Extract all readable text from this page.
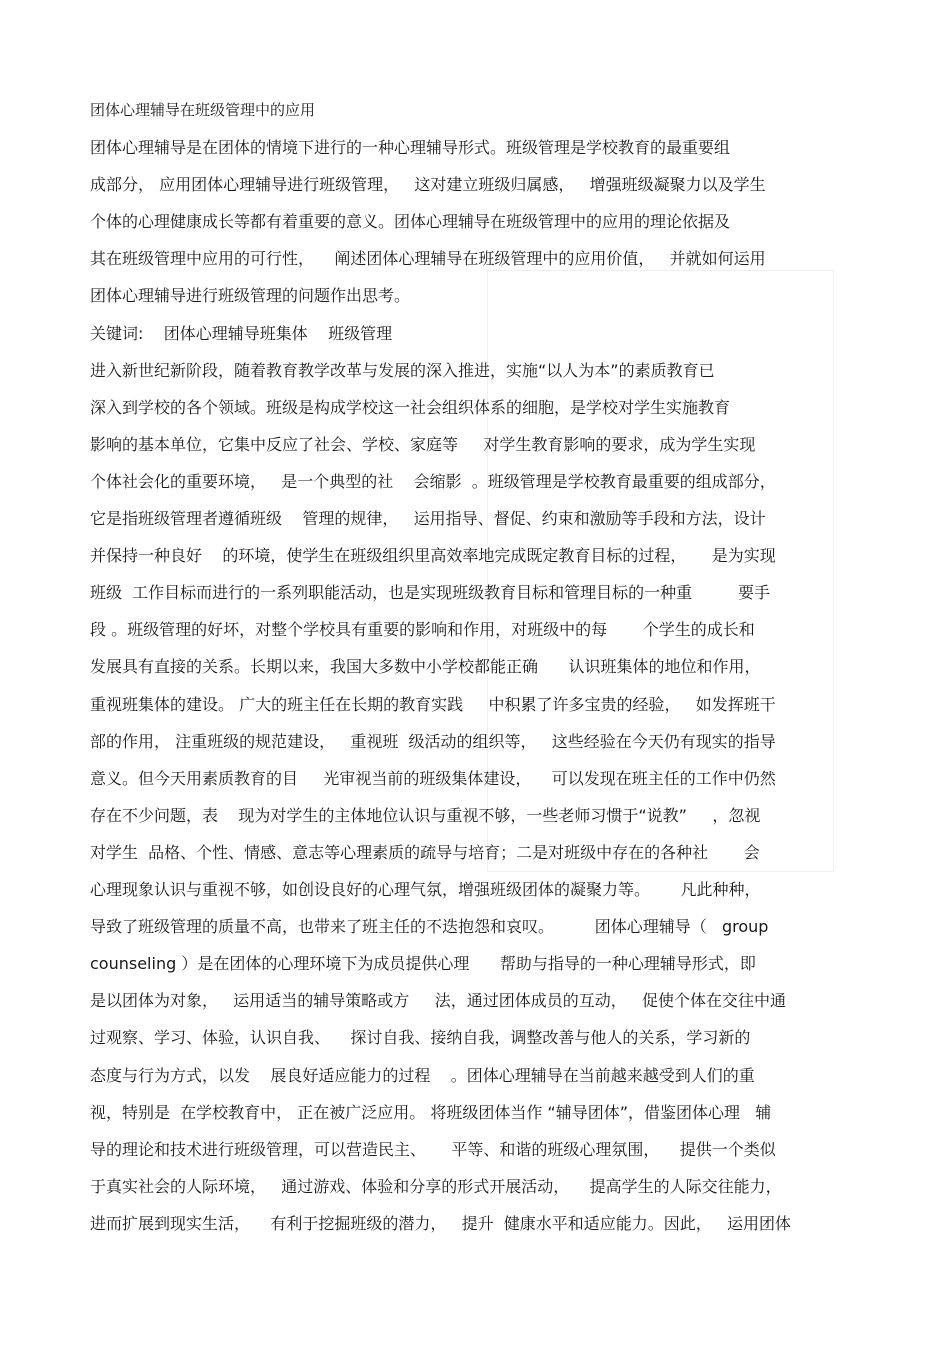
团体心理辅导在班级管理中的应用
团体心理辅导是在团体的情境下进行的一种心理辅导形式。班级管理是学校教育的最重要组
成部分， 应用团体心理辅导进行班级管理，   这对建立班级归属感，   增强班级凝聚力以及学生
个体的心理健康成长等都有着重要的意义。团体心理辅导在班级管理中的应用的理论依据及
其在班级管理中应用的可行性，    阐述团体心理辅导在班级管理中的应用价值，   并就如何运用
团体心理辅导进行班级管理的问题作出思考。
关键词:    团体心理辅导班集体    班级管理
进入新世纪新阶段，随着教育教学改革与发展的深入推进，实施“以人为本”的素质教育已
深入到学校的各个领域。班级是构成学校这一社会组织体系的细胞，是学校对学生实施教育
影响的基本单位，它集中反应了社会、学校、家庭等     对学生教育影响的要求，成为学生实现
个体社会化的重要环境，   是一个典型的社    会缩影  。班级管理是学校教育最重要的组成部分，
它是指班级管理者遵循班级    管理的规律，   运用指导、督促、约束和激励等手段和方法，设计
并保持一种良好    的环境，使学生在班级组织里高效率地完成既定教育目标的过程，     是为实现
班级  工作目标而进行的一系列职能活动，也是实现班级教育目标和管理目标的一种重         要手
段 。班级管理的好坏，对整个学校具有重要的影响和作用，对班级中的每       个学生的成长和
发展具有直接的关系。长期以来，我国大多数中小学校都能正确      认识班集体的地位和作用，
重视班集体的建设。 广大的班主任在长期的教育实践     中积累了许多宝贵的经验，   如发挥班干
部的作用， 注重班级的规范建设，   重视班  级活动的组织等，   这些经验在今天仍有现实的指导
意义。但今天用素质教育的目     光审视当前的班级集体建设，    可以发现在班主任的工作中仍然
存在不少问题，表    现为对学生的主体地位认识与重视不够，一些老师习惯于“说教”     ，忽视
对学生  品格、个性、情感、意志等心理素质的疏导与培育；二是对班级中存在的各种社       会
心理现象认识与重视不够，如创设良好的心理气氛，增强班级团体的凝聚力等。      凡此种种，
导致了班级管理的质量不高，也带来了班主任的不迭抱怨和哀叹。        团体心理辅导（   group
counseling ）是在团体的心理环境下为成员提供心理      帮助与指导的一种心理辅导形式，即
是以团体为对象，   运用适当的辅导策略或方     法，通过团体成员的互动，   促使个体在交往中通
过观察、学习、体验，认识自我、    探讨自我、接纳自我，调整改善与他人的关系，学习新的
态度与行为方式，以发    展良好适应能力的过程    。团体心理辅导在当前越来越受到人们的重
视，特别是  在学校教育中， 正在被广泛应用。 将班级团体当作 “辅导团体”，借鉴团体心理   辅
导的理论和技术进行班级管理，可以营造民主、     平等、和谐的班级心理氛围，    提供一个类似
于真实社会的人际环境，   通过游戏、体验和分享的形式开展活动，    提高学生的人际交往能力，
进而扩展到现实生活，    有利于挖掘班级的潜力，   提升  健康水平和适应能力。因此，   运用团体
